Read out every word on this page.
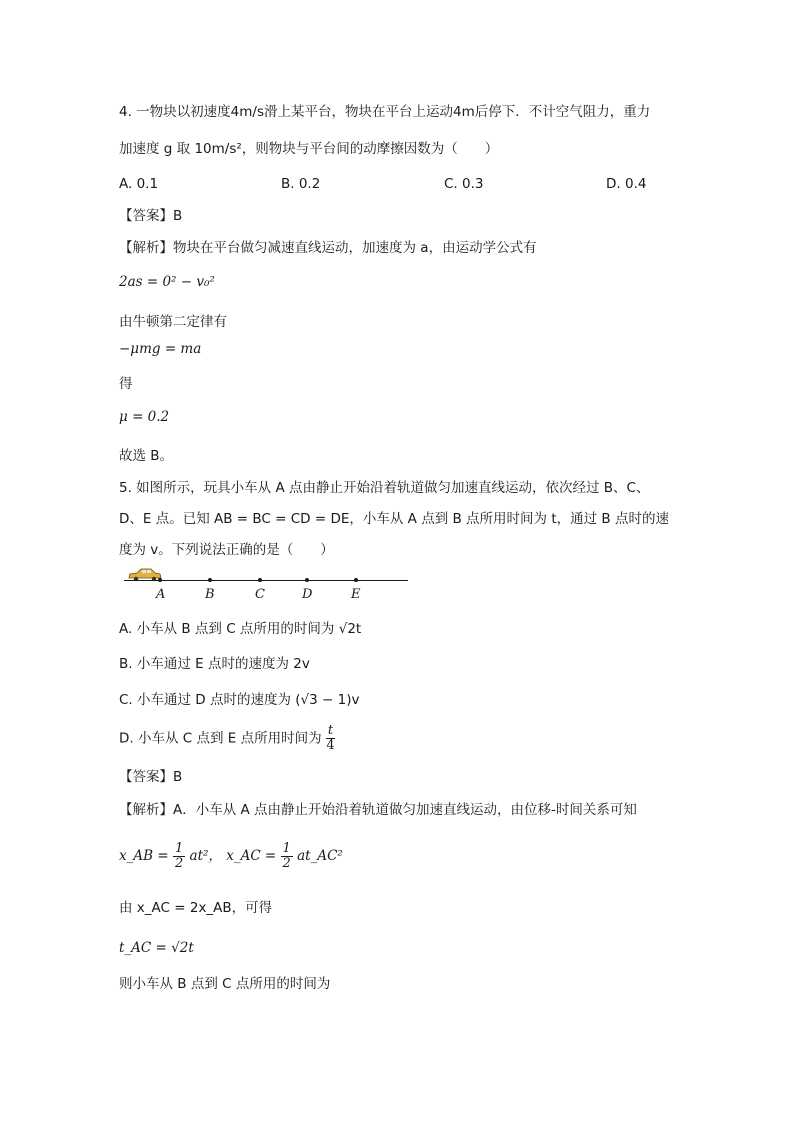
4. 一物块以初速度4m/s滑上某平台，物块在平台上运动4m后停下．不计空气阻力，重力
加速度 g 取 10m/s²，则物块与平台间的动摩擦因数为（　　）
A. 0.1	B. 0.2	C. 0.3	D. 0.4
【答案】B
【解析】物块在平台做匀减速直线运动，加速度为 a，由运动学公式有
2as = 0² − v₀²
由牛顿第二定律有
−μmg = ma
得
μ = 0.2
故选 B。
5. 如图所示，玩具小车从 A 点由静止开始沿着轨道做匀加速直线运动，依次经过 B、C、
D、E 点。已知 AB = BC = CD = DE，小车从 A 点到 B 点所用时间为 t，通过 B 点时的速
度为 v。下列说法正确的是（　　）
A	B	C	D	E
A. 小车从 B 点到 C 点所用的时间为 √2t
B. 小车通过 E 点时的速度为 2v
C. 小车通过 D 点时的速度为 (√3 − 1)v
D. 小车从 C 点到 E 点所用时间为 $\frac{t}{4}$
【答案】B
【解析】A．小车从 A 点由静止开始沿着轨道做匀加速直线运动，由位移-时间关系可知
x_AB = $\frac{1}{2} at^2$， x_AC = $\frac{1}{2}$ at_AC²
由 x_AC = 2x_AB，可得
t_AC = √2t
则小车从 B 点到 C 点所用的时间为
